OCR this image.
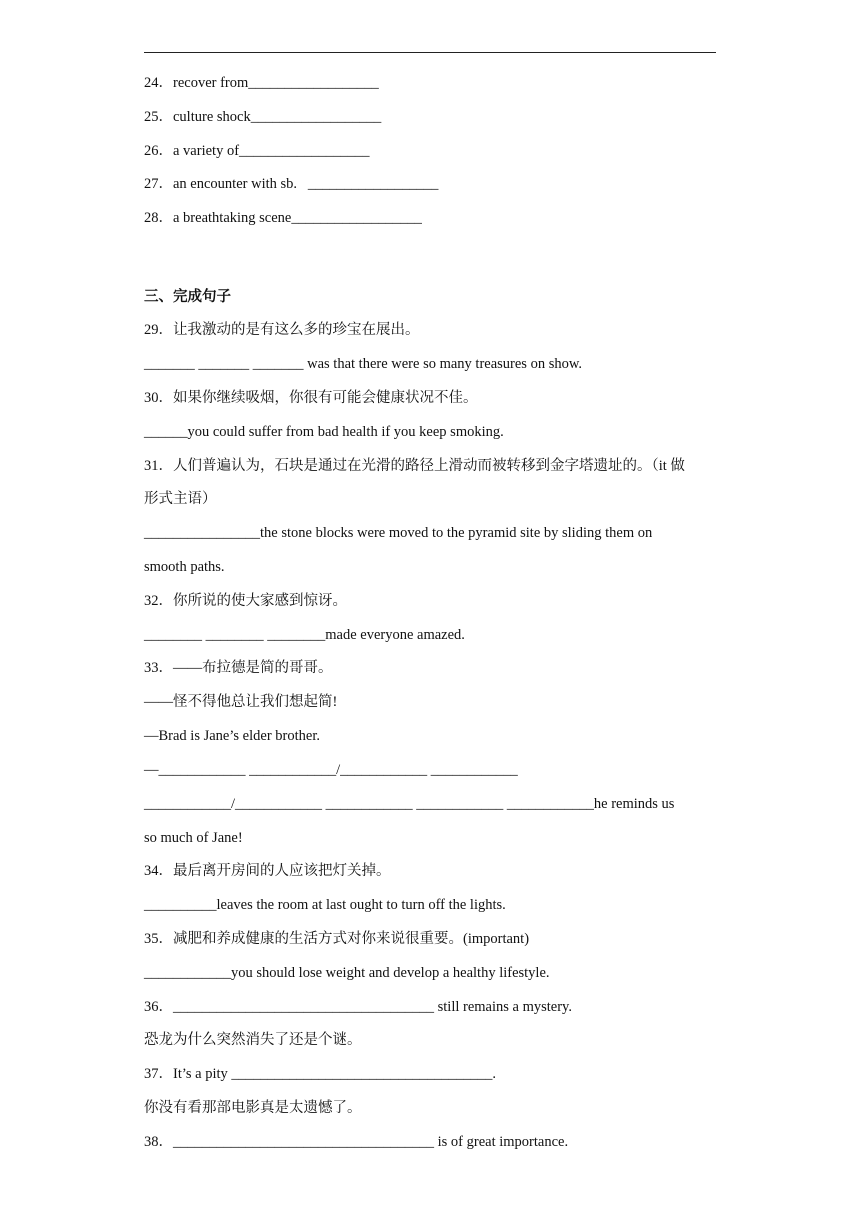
24．recover from__________________
25．culture shock__________________
26．a variety of__________________
27．an encounter with sb.   __________________
28．a breathtaking scene__________________
三、完成句子
29．让我激动的是有这么多的珍宝在展出。
_______ _______ _______ was that there were so many treasures on show.
30．如果你继续吸烟，你很有可能会健康状况不佳。
______you could suffer from bad health if you keep smoking.
31．人们普遍认为，石块是通过在光滑的路径上滑动而被转移到金字塔遗址的。（it 做
形式主语）
________________the stone blocks were moved to the pyramid site by sliding them on
smooth paths.
32．你所说的使大家感到惊讶。
________ ________ ________made everyone amazed.
33．——布拉德是简的哥哥。
——怪不得他总让我们想起简!
—Brad is Jane’s elder brother.
—____________ ____________/____________ ____________
____________/____________ ____________ ____________ ____________he reminds us
so much of Jane!
34．最后离开房间的人应该把灯关掉。
__________leaves the room at last ought to turn off the lights.
35．减肥和养成健康的生活方式对你来说很重要。(important)
____________you should lose weight and develop a healthy lifestyle.
36．____________________________________ still remains a mystery.
恐龙为什么突然消失了还是个谜。
37．It’s a pity ____________________________________.
你没有看那部电影真是太遗憾了。
38．____________________________________ is of great importance.
